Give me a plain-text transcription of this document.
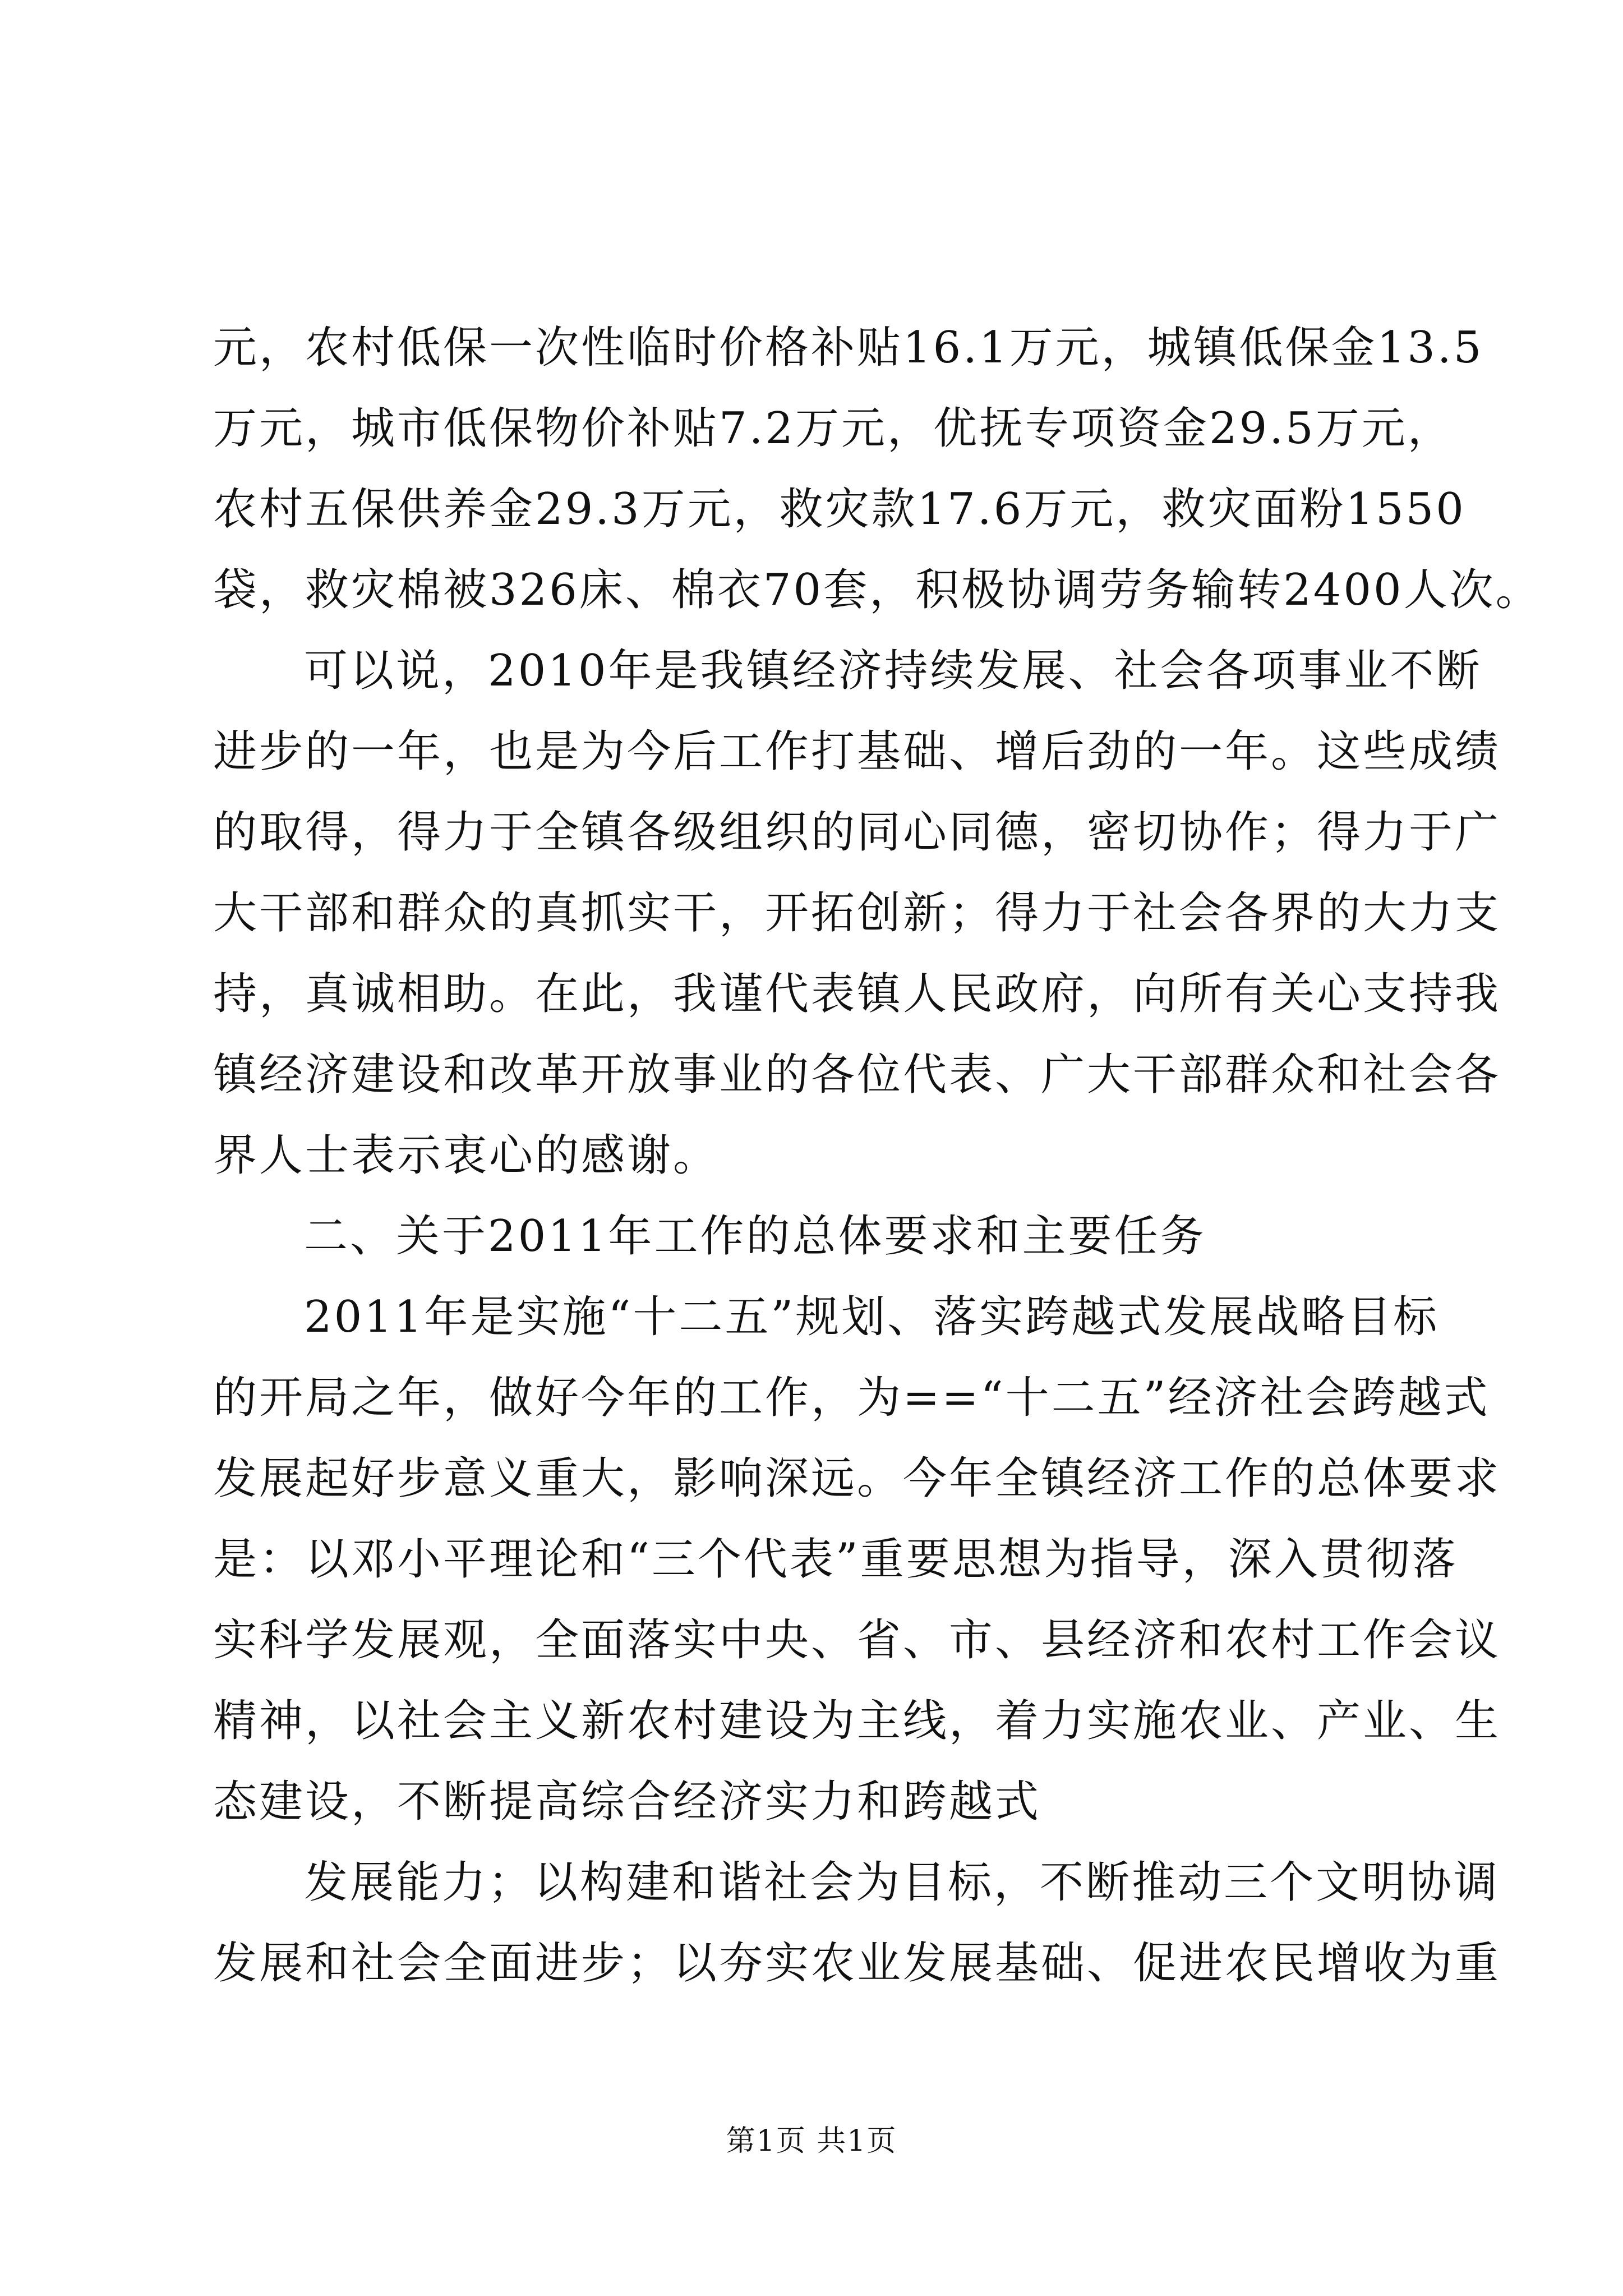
元，农村低保一次性临时价格补贴16.1万元，城镇低保金13.5
万元，城市低保物价补贴7.2万元，优抚专项资金29.5万元，
农村五保供养金29.3万元，救灾款17.6万元，救灾面粉1550
袋，救灾棉被326床、棉衣70套，积极协调劳务输转2400人次。
可以说，2010年是我镇经济持续发展、社会各项事业不断
进步的一年，也是为今后工作打基础、增后劲的一年。这些成绩
的取得，得力于全镇各级组织的同心同德，密切协作；得力于广
大干部和群众的真抓实干，开拓创新；得力于社会各界的大力支
持，真诚相助。在此，我谨代表镇人民政府，向所有关心支持我
镇经济建设和改革开放事业的各位代表、广大干部群众和社会各
界人士表示衷心的感谢。
二、关于2011年工作的总体要求和主要任务
2011年是实施“十二五”规划、落实跨越式发展战略目标
的开局之年，做好今年的工作，为==“十二五”经济社会跨越式
发展起好步意义重大，影响深远。今年全镇经济工作的总体要求
是：以邓小平理论和“三个代表”重要思想为指导，深入贯彻落
实科学发展观，全面落实中央、省、市、县经济和农村工作会议
精神，以社会主义新农村建设为主线，着力实施农业、产业、生
态建设，不断提高综合经济实力和跨越式
发展能力；以构建和谐社会为目标，不断推动三个文明协调
发展和社会全面进步；以夯实农业发展基础、促进农民增收为重
第1页 共1页
